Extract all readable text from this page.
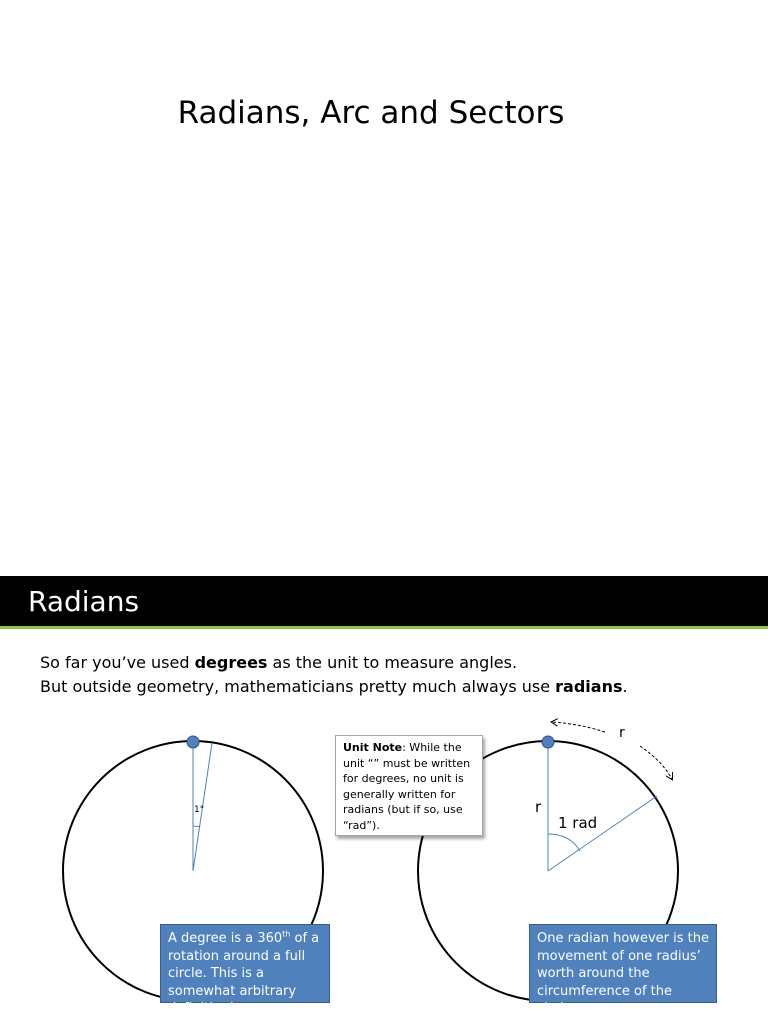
Radians, Arc and Sectors
Radians
So far you’ve used degrees as the unit to measure angles.
But outside geometry, mathematicians pretty much always use radians.
1°	r
r
1 rad
Unit Note: While the unit “” must be written for degrees, no unit is generally written for radians (but if so, use “rad”).
A degree is a 360th of a rotation around a full circle. This is a somewhat arbitrary definition!
One radian however is the movement of one radius’ worth around the circumference of the circle.
